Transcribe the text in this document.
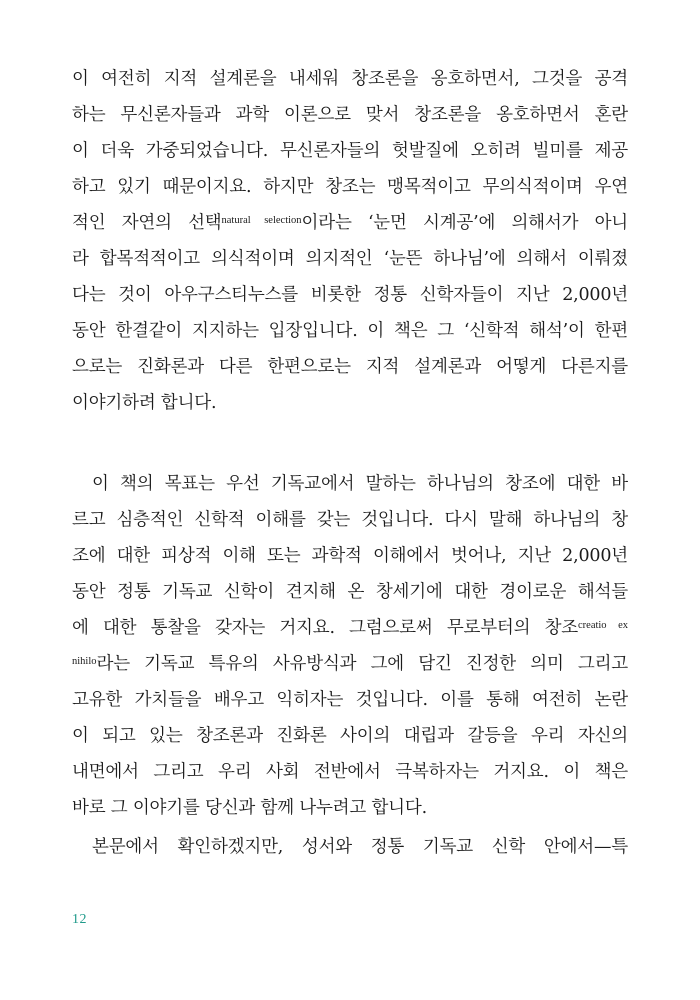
이 여전히 지적 설계론을 내세워 창조론을 옹호하면서, 그것을 공격
하는 무신론자들과 과학 이론으로 맞서 창조론을 옹호하면서 혼란
이 더욱 가중되었습니다. 무신론자들의 헛발질에 오히려 빌미를 제공
하고 있기 때문이지요. 하지만 창조는 맹목적이고 무의식적이며 우연
적인 자연의 선택$^{natural selection}$이라는 ‘눈먼 시계공’에 의해서가 아니
라 합목적적이고 의식적이며 의지적인 ‘눈뜬 하나님’에 의해서 이뤄졌
다는 것이 아우구스티누스를 비롯한 정통 신학자들이 지난 2,000년
동안 한결같이 지지하는 입장입니다. 이 책은 그 ‘신학적 해석’이 한편
으로는 진화론과 다른 한편으로는 지적 설계론과 어떻게 다른지를
이야기하려 합니다.
이 책의 목표는 우선 기독교에서 말하는 하나님의 창조에 대한 바
르고 심층적인 신학적 이해를 갖는 것입니다. 다시 말해 하나님의 창
조에 대한 피상적 이해 또는 과학적 이해에서 벗어나, 지난 2,000년
동안 정통 기독교 신학이 견지해 온 창세기에 대한 경이로운 해석들
에 대한 통찰을 갖자는 거지요. 그럼으로써 무로부터의 창조$^{creatio ex}$
$^{nihilo}$라는 기독교 특유의 사유방식과 그에 담긴 진정한 의미 그리고
고유한 가치들을 배우고 익히자는 것입니다. 이를 통해 여전히 논란
이 되고 있는 창조론과 진화론 사이의 대립과 갈등을 우리 자신의
내면에서 그리고 우리 사회 전반에서 극복하자는 거지요. 이 책은
바로 그 이야기를 당신과 함께 나누려고 합니다.
본문에서 확인하겠지만, 성서와 정통 기독교 신학 안에서—특
12
